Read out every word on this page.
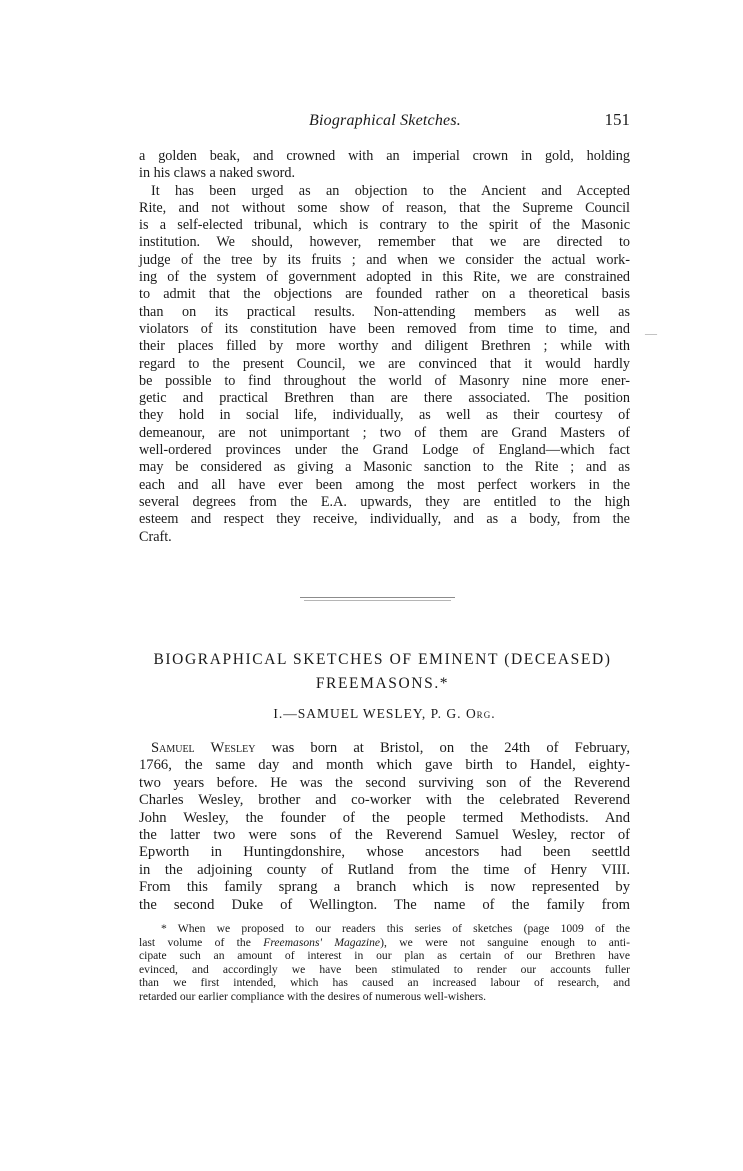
Biographical Sketches.	151

a golden beak, and crowned with an imperial crown in gold, holding
in his claws a naked sword.

It has been urged as an objection to the Ancient and Accepted
Rite, and not without some show of reason, that the Supreme Council
is a self-elected tribunal, which is contrary to the spirit of the Masonic
institution. We should, however, remember that we are directed to
judge of the tree by its fruits ; and when we consider the actual work-
ing of the system of government adopted in this Rite, we are constrained
to admit that the objections are founded rather on a theoretical basis
than on its practical results. Non-attending members as well as
violators of its constitution have been removed from time to time, and
their places filled by more worthy and diligent Brethren ; while with
regard to the present Council, we are convinced that it would hardly
be possible to find throughout the world of Masonry nine more ener-
getic and practical Brethren than are there associated. The position
they hold in social life, individually, as well as their courtesy of
demeanour, are not unimportant ; two of them are Grand Masters of
well-ordered provinces under the Grand Lodge of England—which fact
may be considered as giving a Masonic sanction to the Rite ; and as
each and all have ever been among the most perfect workers in the
several degrees from the E.A. upwards, they are entitled to the high
esteem and respect they receive, individually, and as a body, from the
Craft.

—
BIOGRAPHICAL SKETCHES OF EMINENT (DECEASED)
FREEMASONS.*
I.—SAMUEL WESLEY, P. G. Org.

Samuel Wesley was born at Bristol, on the 24th of February,
1766, the same day and month which gave birth to Handel, eighty-
two years before. He was the second surviving son of the Reverend
Charles Wesley, brother and co-worker with the celebrated Reverend
John Wesley, the founder of the people termed Methodists. And
the latter two were sons of the Reverend Samuel Wesley, rector of
Epworth in Huntingdonshire, whose ancestors had been seettld
in the adjoining county of Rutland from the time of Henry VIII.
From this family sprang a branch which is now represented by
the second Duke of Wellington. The name of the family from

* When we proposed to our readers this series of sketches (page 1009 of the
last volume of the Freemasons' Magazine), we were not sanguine enough to anti-
cipate such an amount of interest in our plan as certain of our Brethren have
evinced, and accordingly we have been stimulated to render our accounts fuller
than we first intended, which has caused an increased labour of research, and
retarded our earlier compliance with the desires of numerous well-wishers.
